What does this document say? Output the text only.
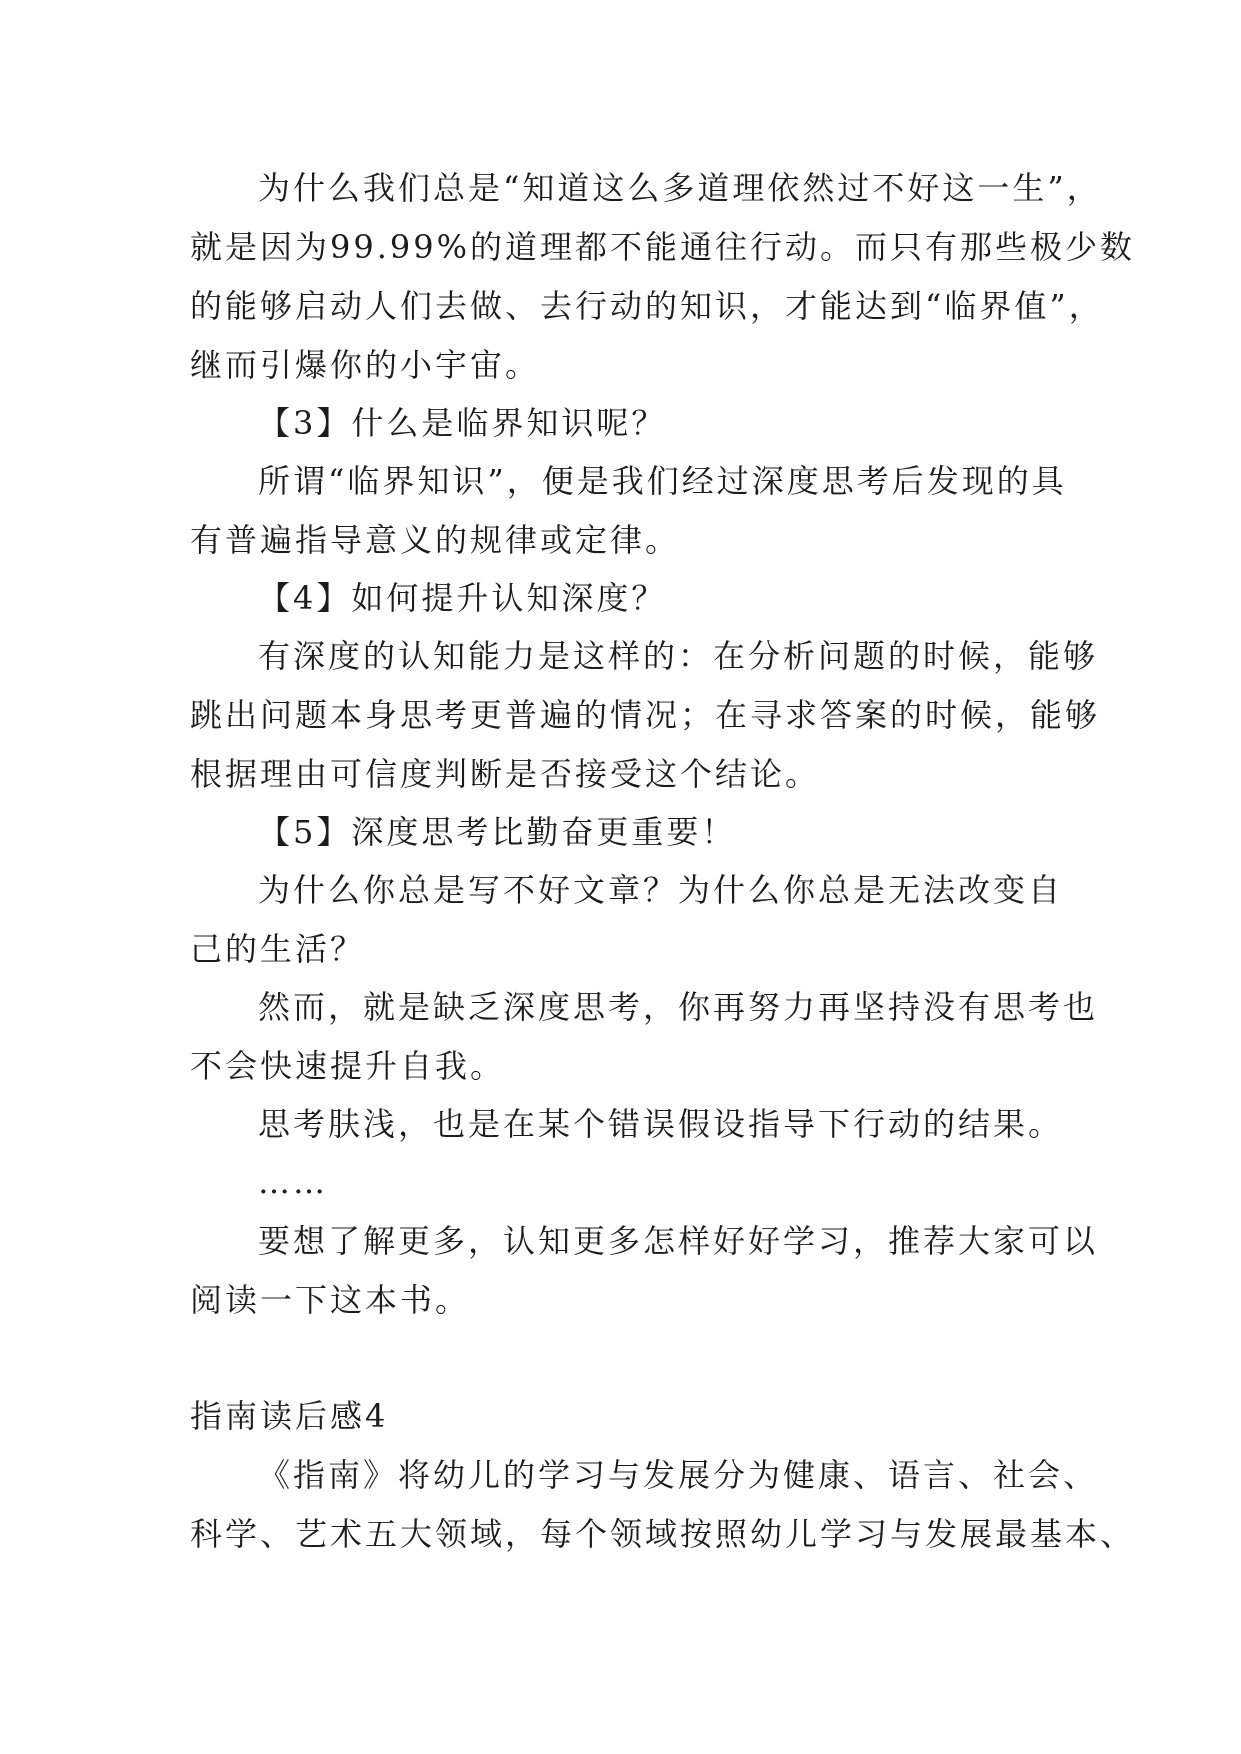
为什么我们总是“知道这么多道理依然过不好这一生”，
就是因为99.99%的道理都不能通往行动。而只有那些极少数
的能够启动人们去做、去行动的知识，才能达到“临界值”，
继而引爆你的小宇宙。
【3】什么是临界知识呢？
所谓“临界知识”，便是我们经过深度思考后发现的具
有普遍指导意义的规律或定律。
【4】如何提升认知深度？
有深度的认知能力是这样的：在分析问题的时候，能够
跳出问题本身思考更普遍的情况；在寻求答案的时候，能够
根据理由可信度判断是否接受这个结论。
【5】深度思考比勤奋更重要！
为什么你总是写不好文章？为什么你总是无法改变自
己的生活？
然而，就是缺乏深度思考，你再努力再坚持没有思考也
不会快速提升自我。
思考肤浅，也是在某个错误假设指导下行动的结果。
……
要想了解更多，认知更多怎样好好学习，推荐大家可以
阅读一下这本书。
指南读后感4
《指南》将幼儿的学习与发展分为健康、语言、社会、
科学、艺术五大领域，每个领域按照幼儿学习与发展最基本、
